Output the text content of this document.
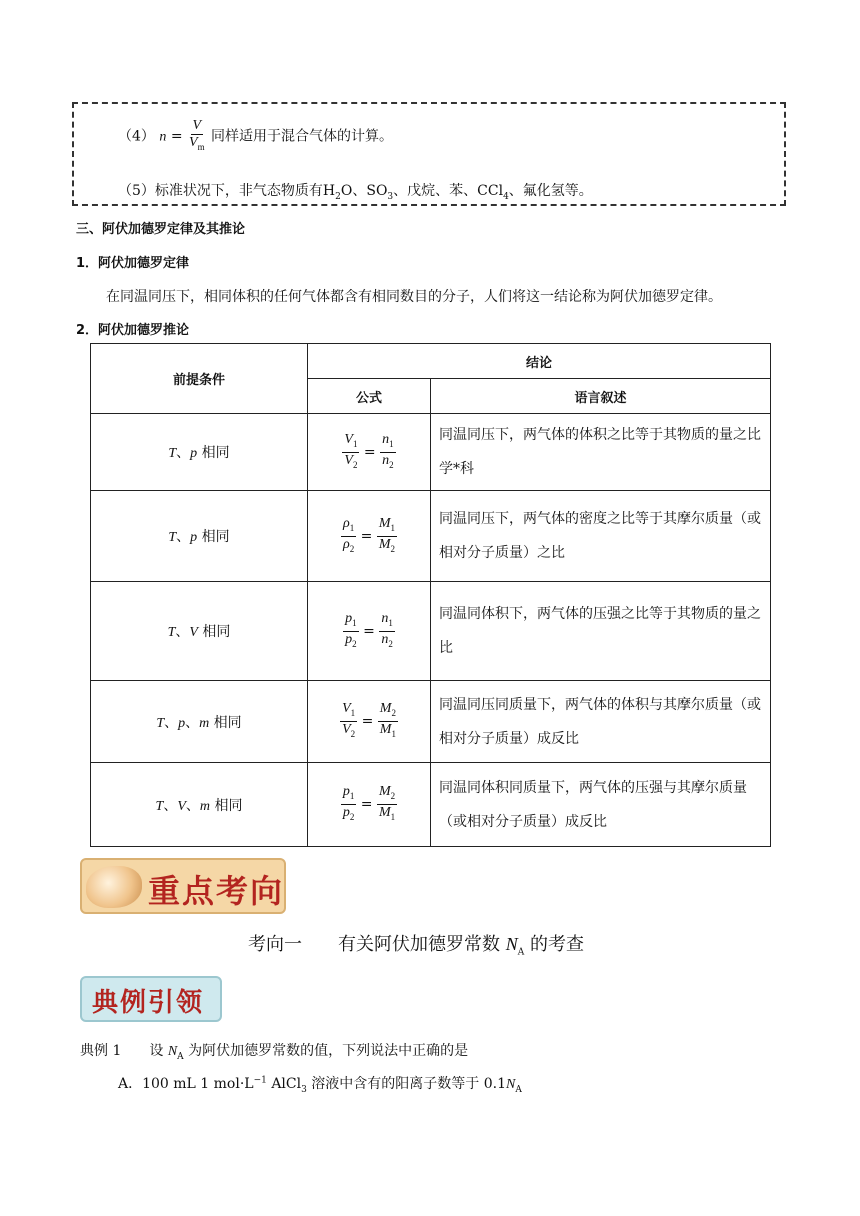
（4） $n = \frac{V}{V_m}$ 同样适用于混合气体的计算。
（5）标准状况下，非气态物质有$H_2O$、$SO_3$、戊烷、苯、CCl$_4$、氟化氢等。
三、阿伏加德罗定律及其推论
1．阿伏加德罗定律
在同温同压下，相同体积的任何气体都含有相同数目的分子，人们将这一结论称为阿伏加德罗定律。
2．阿伏加德罗推论
前提条件	结论	
	公式	语言叙述
T、p 相同	$\frac{V_1}{V_2} = \frac{n_1}{n_2}$	同温同压下，两气体的体积之比等于其物质的量之比学*科
T、p 相同	$\frac{\rho_1}{\rho_2} = \frac{M_1}{M_2}$	同温同压下，两气体的密度之比等于其摩尔质量（或相对分子质量）之比
T、V 相同	$\frac{p_1}{p_2} = \frac{n_1}{n_2}$	同温同体积下，两气体的压强之比等于其物质的量之比
T、p、m 相同	$\frac{V_1}{V_2} = \frac{M_2}{M_1}$	同温同压同质量下，两气体的体积与其摩尔质量（或相对分子质量）成反比
T、V、m 相同	$\frac{p_1}{p_2} = \frac{M_2}{M_1}$	同温同体积同质量下，两气体的压强与其摩尔质量（或相对分子质量）成反比
重点考向
考向一　　 有关阿伏加德罗常数 $N_A$ 的考查
典例引领
典例 1　　 设 $N_A$ 为阿伏加德罗常数的值，下列说法中正确的是
A．100 mL 1 $mol\cdot L^{-1}$ AlCl$_3$ 溶液中含有的阳离子数等于 $0.1N_A$
